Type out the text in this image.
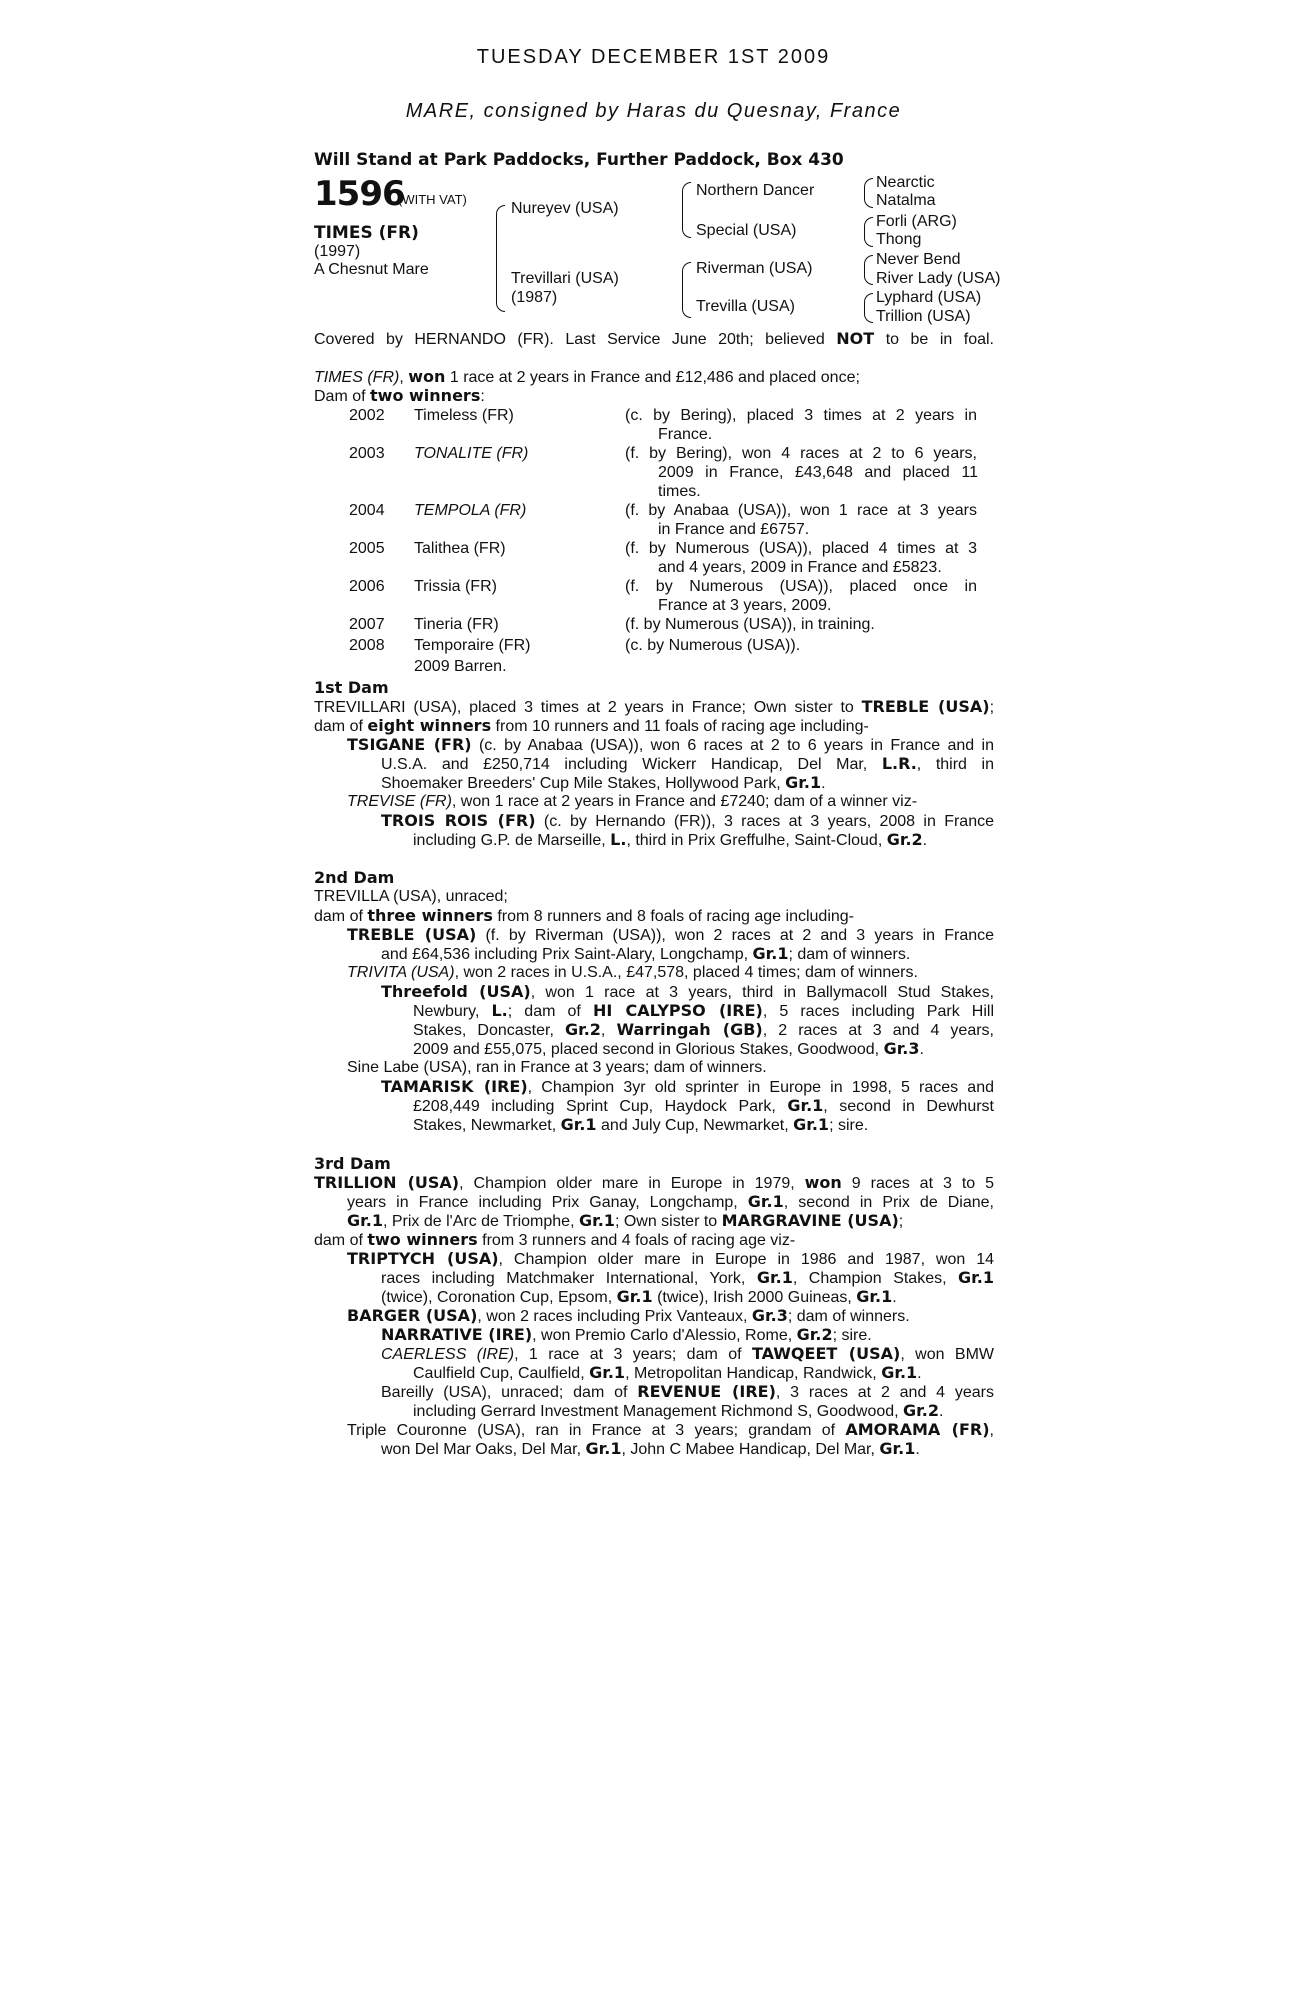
TUESDAY DECEMBER 1ST 2009
MARE, consigned by Haras du Quesnay, France
Will Stand at Park Paddocks, Further Paddock, Box 430
1596
(WITH VAT)
TIMES (FR)
(1997)
A Chesnut Mare
Nureyev (USA)
Trevillari (USA)
(1987)
Northern Dancer
Special (USA)
Riverman (USA)
Trevilla (USA)
Nearctic
Natalma
Forli (ARG)
Thong
Never Bend
River Lady (USA)
Lyphard (USA)
Trillion (USA)
Covered by HERNANDO (FR). Last Service June 20th; believed NOT to be in foal.
TIMES (FR), won 1 race at 2 years in France and £12,486 and placed once;
Dam of two winners:
2002 Timeless (FR)	(c. by Bering), placed 3 times at 2 years in
France.
2003 TONALITE (FR)	(f. by Bering), won 4 races at 2 to 6 years,
2009 in France, £43,648 and placed 11
times.
2004 TEMPOLA (FR)	(f. by Anabaa (USA)), won 1 race at 3 years
in France and £6757.
2005 Talithea (FR)	(f. by Numerous (USA)), placed 4 times at 3
and 4 years, 2009 in France and £5823.
2006 Trissia (FR)	(f. by Numerous (USA)), placed once in
France at 3 years, 2009.
2007 Tineria (FR)	(f. by Numerous (USA)), in training.
2008 Temporaire (FR)	(c. by Numerous (USA)).
2009 Barren.
1st Dam
TREVILLARI (USA), placed 3 times at 2 years in France; Own sister to TREBLE (USA);
dam of eight winners from 10 runners and 11 foals of racing age including-
TSIGANE (FR) (c. by Anabaa (USA)), won 6 races at 2 to 6 years in France and in
U.S.A. and £250,714 including Wickerr Handicap, Del Mar, L.R., third in
Shoemaker Breeders' Cup Mile Stakes, Hollywood Park, Gr.1.
TREVISE (FR), won 1 race at 2 years in France and £7240; dam of a winner viz-
TROIS ROIS (FR) (c. by Hernando (FR)), 3 races at 3 years, 2008 in France
including G.P. de Marseille, L., third in Prix Greffulhe, Saint-Cloud, Gr.2.
2nd Dam
TREVILLA (USA), unraced;
dam of three winners from 8 runners and 8 foals of racing age including-
TREBLE (USA) (f. by Riverman (USA)), won 2 races at 2 and 3 years in France
and £64,536 including Prix Saint-Alary, Longchamp, Gr.1; dam of winners.
TRIVITA (USA), won 2 races in U.S.A., £47,578, placed 4 times; dam of winners.
Threefold (USA), won 1 race at 3 years, third in Ballymacoll Stud Stakes,
Newbury, L.; dam of HI CALYPSO (IRE), 5 races including Park Hill
Stakes, Doncaster, Gr.2, Warringah (GB), 2 races at 3 and 4 years,
2009 and £55,075, placed second in Glorious Stakes, Goodwood, Gr.3.
Sine Labe (USA), ran in France at 3 years; dam of winners.
TAMARISK (IRE), Champion 3yr old sprinter in Europe in 1998, 5 races and
£208,449 including Sprint Cup, Haydock Park, Gr.1, second in Dewhurst
Stakes, Newmarket, Gr.1 and July Cup, Newmarket, Gr.1; sire.
3rd Dam
TRILLION (USA), Champion older mare in Europe in 1979, won 9 races at 3 to 5
years in France including Prix Ganay, Longchamp, Gr.1, second in Prix de Diane,
Gr.1, Prix de l'Arc de Triomphe, Gr.1; Own sister to MARGRAVINE (USA);
dam of two winners from 3 runners and 4 foals of racing age viz-
TRIPTYCH (USA), Champion older mare in Europe in 1986 and 1987, won 14
races including Matchmaker International, York, Gr.1, Champion Stakes, Gr.1
(twice), Coronation Cup, Epsom, Gr.1 (twice), Irish 2000 Guineas, Gr.1.
BARGER (USA), won 2 races including Prix Vanteaux, Gr.3; dam of winners.
NARRATIVE (IRE), won Premio Carlo d'Alessio, Rome, Gr.2; sire.
CAERLESS (IRE), 1 race at 3 years; dam of TAWQEET (USA), won BMW
Caulfield Cup, Caulfield, Gr.1, Metropolitan Handicap, Randwick, Gr.1.
Bareilly (USA), unraced; dam of REVENUE (IRE), 3 races at 2 and 4 years
including Gerrard Investment Management Richmond S, Goodwood, Gr.2.
Triple Couronne (USA), ran in France at 3 years; grandam of AMORAMA (FR),
won Del Mar Oaks, Del Mar, Gr.1, John C Mabee Handicap, Del Mar, Gr.1.
